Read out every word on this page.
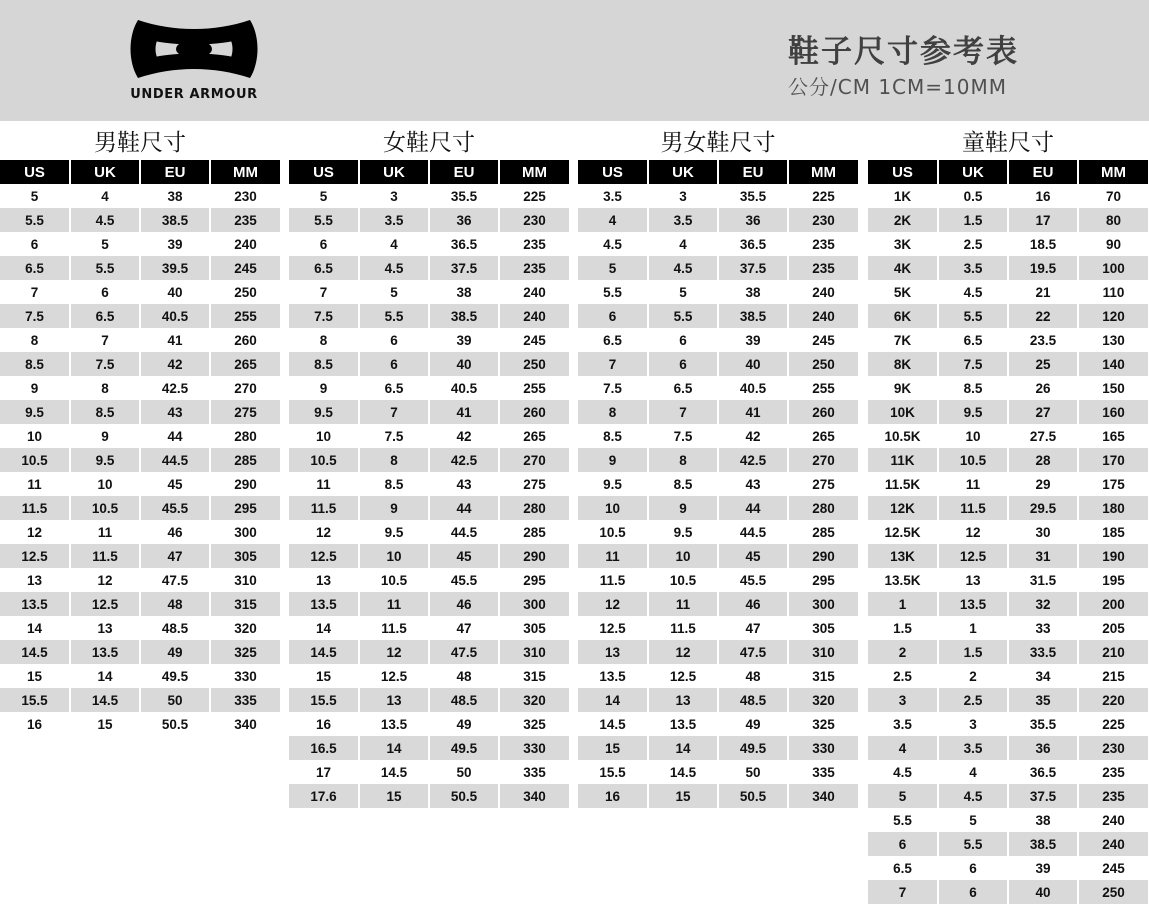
UNDER ARMOUR
鞋子尺寸参考表
公分/CM 1CM=10MM
男鞋尺寸
US	UK	EU	MM
5	4	38	230
5.5	4.5	38.5	235
6	5	39	240
6.5	5.5	39.5	245
7	6	40	250
7.5	6.5	40.5	255
8	7	41	260
8.5	7.5	42	265
9	8	42.5	270
9.5	8.5	43	275
10	9	44	280
10.5	9.5	44.5	285
11	10	45	290
11.5	10.5	45.5	295
12	11	46	300
12.5	11.5	47	305
13	12	47.5	310
13.5	12.5	48	315
14	13	48.5	320
14.5	13.5	49	325
15	14	49.5	330
15.5	14.5	50	335
16	15	50.5	340
女鞋尺寸
US	UK	EU	MM
5	3	35.5	225
5.5	3.5	36	230
6	4	36.5	235
6.5	4.5	37.5	235
7	5	38	240
7.5	5.5	38.5	240
8	6	39	245
8.5	6	40	250
9	6.5	40.5	255
9.5	7	41	260
10	7.5	42	265
10.5	8	42.5	270
11	8.5	43	275
11.5	9	44	280
12	9.5	44.5	285
12.5	10	45	290
13	10.5	45.5	295
13.5	11	46	300
14	11.5	47	305
14.5	12	47.5	310
15	12.5	48	315
15.5	13	48.5	320
16	13.5	49	325
16.5	14	49.5	330
17	14.5	50	335
17.6	15	50.5	340
男女鞋尺寸
US	UK	EU	MM
3.5	3	35.5	225
4	3.5	36	230
4.5	4	36.5	235
5	4.5	37.5	235
5.5	5	38	240
6	5.5	38.5	240
6.5	6	39	245
7	6	40	250
7.5	6.5	40.5	255
8	7	41	260
8.5	7.5	42	265
9	8	42.5	270
9.5	8.5	43	275
10	9	44	280
10.5	9.5	44.5	285
11	10	45	290
11.5	10.5	45.5	295
12	11	46	300
12.5	11.5	47	305
13	12	47.5	310
13.5	12.5	48	315
14	13	48.5	320
14.5	13.5	49	325
15	14	49.5	330
15.5	14.5	50	335
16	15	50.5	340
童鞋尺寸
US	UK	EU	MM
1K	0.5	16	70
2K	1.5	17	80
3K	2.5	18.5	90
4K	3.5	19.5	100
5K	4.5	21	110
6K	5.5	22	120
7K	6.5	23.5	130
8K	7.5	25	140
9K	8.5	26	150
10K	9.5	27	160
10.5K	10	27.5	165
11K	10.5	28	170
11.5K	11	29	175
12K	11.5	29.5	180
12.5K	12	30	185
13K	12.5	31	190
13.5K	13	31.5	195
1	13.5	32	200
1.5	1	33	205
2	1.5	33.5	210
2.5	2	34	215
3	2.5	35	220
3.5	3	35.5	225
4	3.5	36	230
4.5	4	36.5	235
5	4.5	37.5	235
5.5	5	38	240
6	5.5	38.5	240
6.5	6	39	245
7	6	40	250
